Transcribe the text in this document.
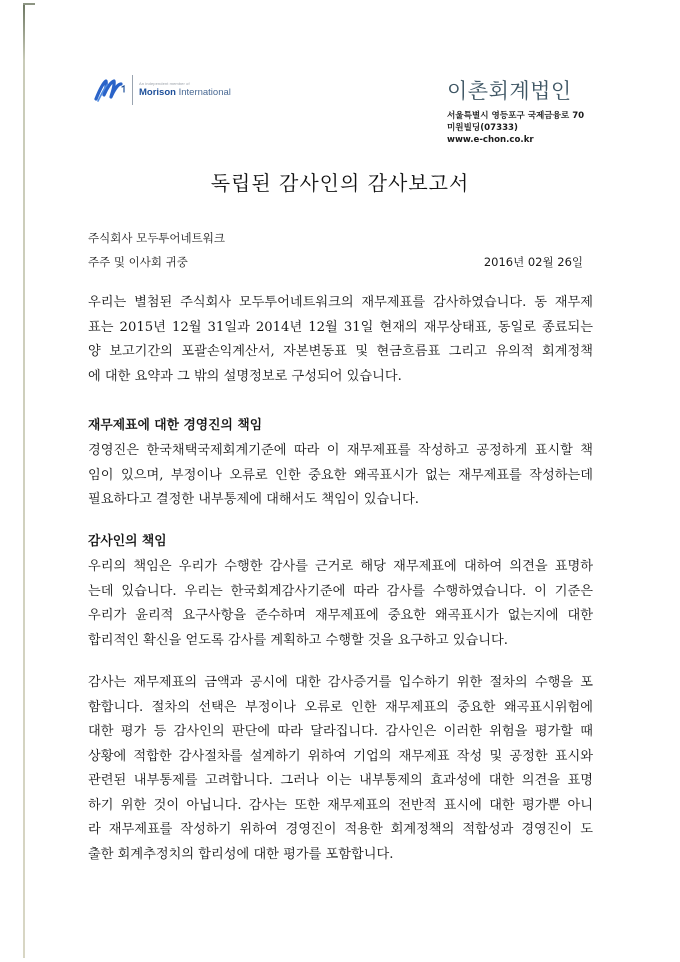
An independent member of
Morison International	이촌회계법인
서울특별시 영등포구 국제금융로 70
미원빌딩(07333)
www.e-chon.co.kr
독립된 감사인의 감사보고서
주식회사 모두투어네트워크
주주 및 이사회 귀중	2016년 02월 26일
우리는 별첨된 주식회사 모두투어네트워크의 재무제표를 감사하였습니다. 동 재무제
표는 2015년 12월 31일과 2014년 12월 31일 현재의 재무상태표, 동일로 종료되는
양 보고기간의 포괄손익계산서, 자본변동표 및 현금흐름표 그리고 유의적 회계정책
에 대한 요약과 그 밖의 설명정보로 구성되어 있습니다.
재무제표에 대한 경영진의 책임
경영진은 한국채택국제회계기준에 따라 이 재무제표를 작성하고 공정하게 표시할 책
임이 있으며, 부정이나 오류로 인한 중요한 왜곡표시가 없는 재무제표를 작성하는데
필요하다고 결정한 내부통제에 대해서도 책임이 있습니다.
감사인의 책임
우리의 책임은 우리가 수행한 감사를 근거로 해당 재무제표에 대하여 의견을 표명하
는데 있습니다. 우리는 한국회계감사기준에 따라 감사를 수행하였습니다. 이 기준은
우리가 윤리적 요구사항을 준수하며 재무제표에 중요한 왜곡표시가 없는지에 대한
합리적인 확신을 얻도록 감사를 계획하고 수행할 것을 요구하고 있습니다.
감사는 재무제표의 금액과 공시에 대한 감사증거를 입수하기 위한 절차의 수행을 포
함합니다. 절차의 선택은 부정이나 오류로 인한 재무제표의 중요한 왜곡표시위험에
대한 평가 등 감사인의 판단에 따라 달라집니다. 감사인은 이러한 위험을 평가할 때
상황에 적합한 감사절차를 설계하기 위하여 기업의 재무제표 작성 및 공정한 표시와
관련된 내부통제를 고려합니다. 그러나 이는 내부통제의 효과성에 대한 의견을 표명
하기 위한 것이 아닙니다. 감사는 또한 재무제표의 전반적 표시에 대한 평가뿐 아니
라 재무제표를 작성하기 위하여 경영진이 적용한 회계정책의 적합성과 경영진이 도
출한 회계추정치의 합리성에 대한 평가를 포함합니다.
